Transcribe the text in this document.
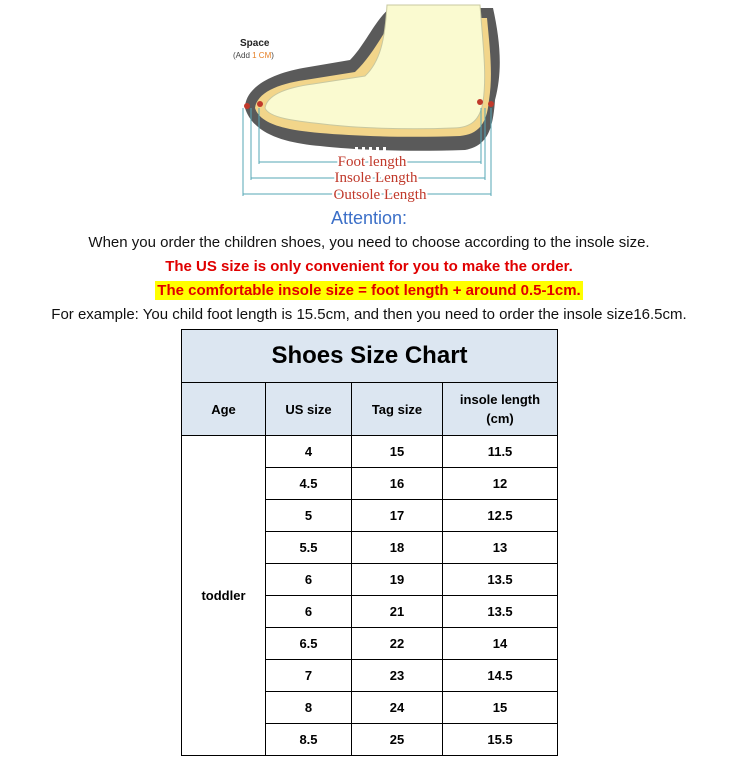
Space
(Add 1 CM)
Foot length
Insole Length
Outsole Length
Attention:
When you order the children shoes, you need to choose according to the insole size.
The US size is only convenient for you to make the order.
The comfortable insole size = foot length + around 0.5-1cm.
For example: You child foot length is 15.5cm, and then you need to order the insole size16.5cm.
Shoes Size Chart			
Age	US size	Tag size	insole length
(cm)
toddler	4	15	11.5
	4.5	16	12
	5	17	12.5
	5.5	18	13
	6	19	13.5
	6	21	13.5
	6.5	22	14
	7	23	14.5
	8	24	15
	8.5	25	15.5
